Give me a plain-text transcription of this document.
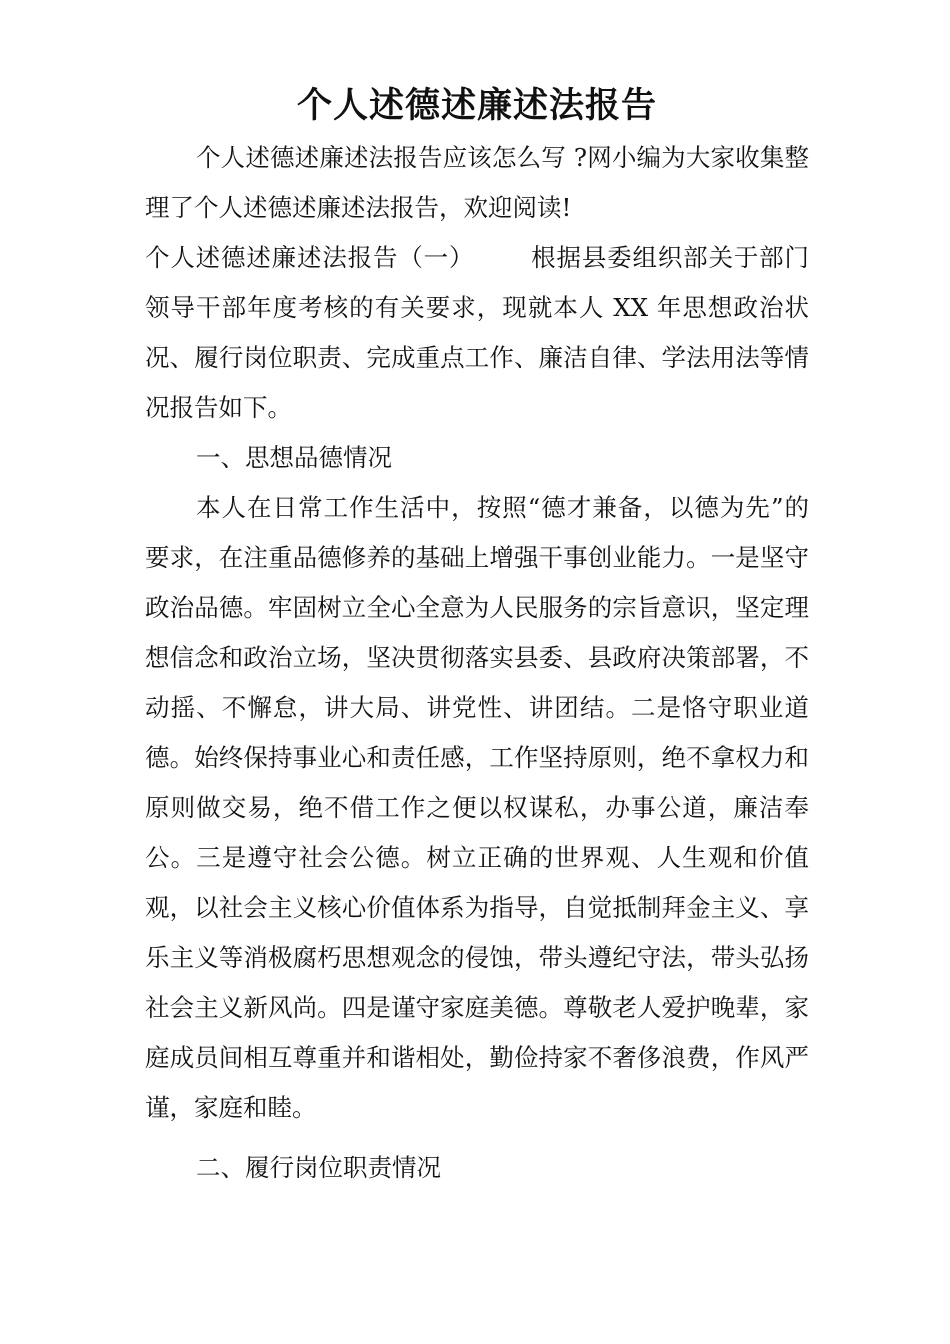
个人述德述廉述法报告

个人述德述廉述法报告应该怎么写 ?网小编为大家收集整理了个人述德述廉述法报告，欢迎阅读!

个人述德述廉述法报告（一） 根据县委组织部关于部门领导干部年度考核的有关要求，现就本人 XX 年思想政治状况、履行岗位职责、完成重点工作、廉洁自律、学法用法等情况报告如下。

一、思想品德情况

本人在日常工作生活中，按照“德才兼备，以德为先”的要求，在注重品德修养的基础上增强干事创业能力。一是坚守政治品德。牢固树立全心全意为人民服务的宗旨意识，坚定理想信念和政治立场，坚决贯彻落实县委、县政府决策部署，不动摇、不懈怠，讲大局、讲党性、讲团结。二是恪守职业道德。始终保持事业心和责任感，工作坚持原则，绝不拿权力和原则做交易，绝不借工作之便以权谋私，办事公道，廉洁奉公。三是遵守社会公德。树立正确的世界观、人生观和价值观，以社会主义核心价值体系为指导，自觉抵制拜金主义、享乐主义等消极腐朽思想观念的侵蚀，带头遵纪守法，带头弘扬社会主义新风尚。四是谨守家庭美德。尊敬老人爱护晚辈，家庭成员间相互尊重并和谐相处，勤俭持家不奢侈浪费，作风严谨，家庭和睦。

二、履行岗位职责情况
